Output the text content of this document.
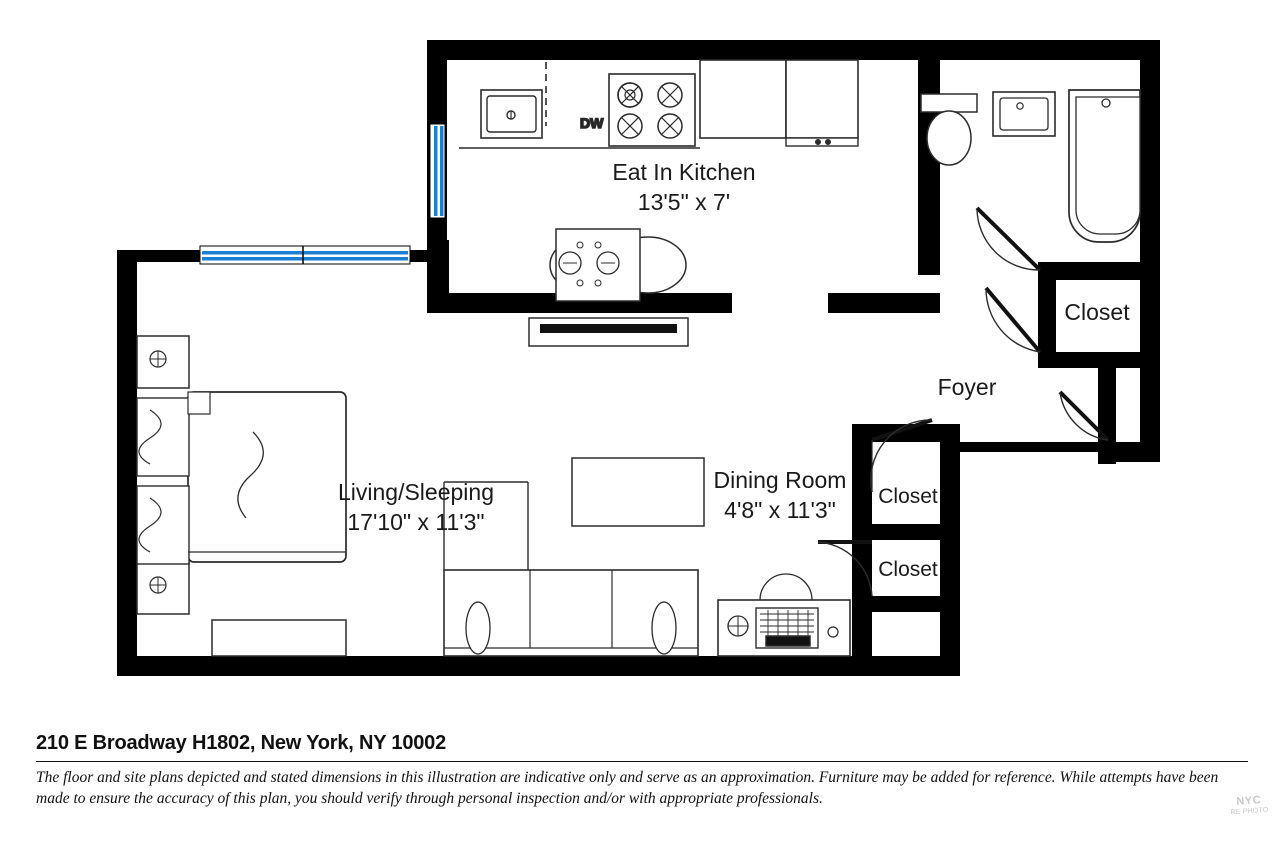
DW
Eat In Kitchen
13'5" x 7'
Living/Sleeping
17'10" x 11'3"
Dining Room
4'8" x 11'3"
Foyer
Closet
Closet
Closet
210 E Broadway H1802, New York, NY 10002
The floor and site plans depicted and stated dimensions in this illustration are indicative only and serve as an approximation. Furniture may be added for reference. While attempts have been made to ensure the accuracy of this plan, you should verify through personal inspection and/or with appropriate professionals.	NYC
RE PHOTO
